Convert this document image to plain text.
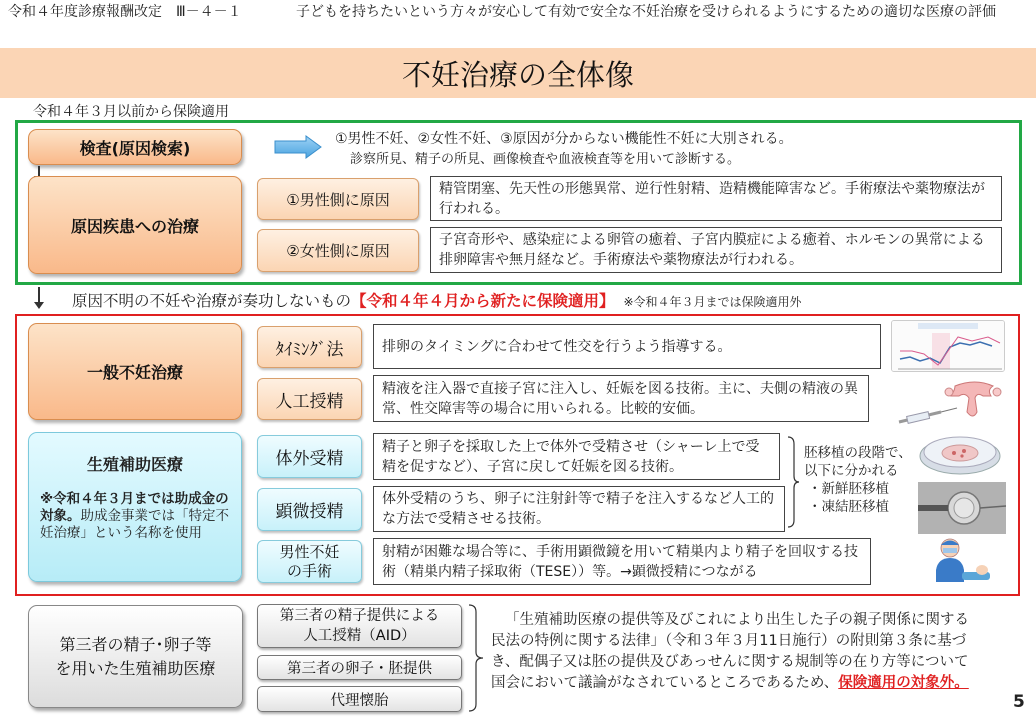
令和４年度診療報酬改定　Ⅲ－４－１	子どもを持ちたいという方々が安心して有効で安全な不妊治療を受けられるようにするための適切な医療の評価
不妊治療の全体像
令和４年３月以前から保険適用
検査(原因検索)	①男性不妊、②女性不妊、③原因が分からない機能性不妊に大別される。
診察所見、精子の所見、画像検査や血液検査等を用いて診断する。
原因疾患への治療
①男性側に原因
精管閉塞、先天性の形態異常、逆行性射精、造精機能障害など。手術療法や薬物療法が行われる。
②女性側に原因
子宮奇形や、感染症による卵管の癒着、子宮内膜症による癒着、ホルモンの異常による排卵障害や無月経など。手術療法や薬物療法が行われる。
原因不明の不妊や治療が奏功しないもの【令和４年４月から新たに保険適用】 ※令和４年３月までは保険適用外
一般不妊治療
ﾀｲﾐﾝｸﾞ法	排卵のタイミングに合わせて性交を行うよう指導する。
人工授精
精液を注入器で直接子宮に注入し、妊娠を図る技術。主に、夫側の精液の異常、性交障害等の場合に用いられる。比較的安価。
生殖補助医療
※令和４年３月までは助成金の対象。助成金事業では「特定不妊治療」という名称を使用
体外受精
精子と卵子を採取した上で体外で受精させ（シャーレ上で受精を促すなど）、子宮に戻して妊娠を図る技術。
顕微授精
体外受精のうち、卵子に注射針等で精子を注入するなど人工的な方法で受精させる技術。
男性不妊
の手術
射精が困難な場合等に、手術用顕微鏡を用いて精巣内より精子を回収する技術（精巣内精子採取術（TESE））等。→顕微授精につながる
胚移植の段階で、
以下に分かれる
・新鮮胚移植
・凍結胚移植
第三者の精子･卵子等
を用いた生殖補助医療
第三者の精子提供による
人工授精（AID）
第三者の卵子・胚提供
代理懐胎
「生殖補助医療の提供等及びこれにより出生した子の親子関係に関する民法の特例に関する法律」（令和３年３月11日施行）の附則第３条に基づき、配偶子又は胚の提供及びあっせんに関する規制等の在り方等について国会において議論がなされているところであるため、保険適用の対象外。
5
